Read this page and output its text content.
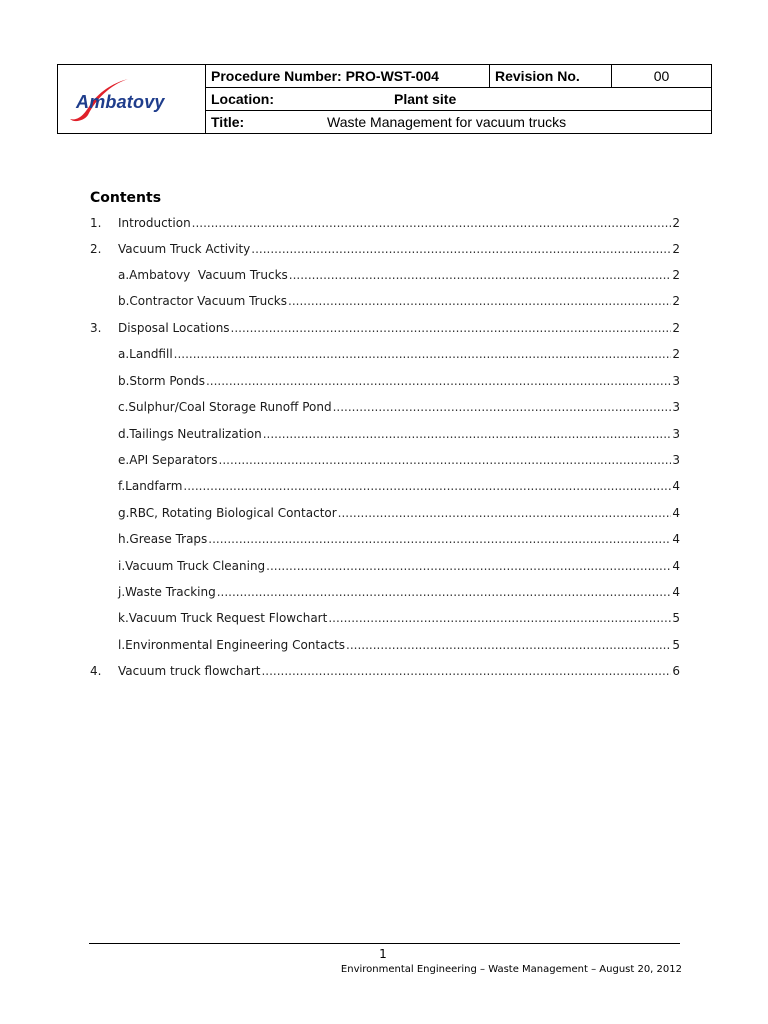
Ambatovy
	Procedure Number: PRO-WST-004	Revision No.	00
Location:	Plant site

Title:	Waste Management for vacuum trucks
Contents
1.	Introduction .....	2
2.	Vacuum Truck Activity .....	2
a.Ambatovy  Vacuum Trucks .....	2
b.Contractor Vacuum Trucks .....	2
3.	Disposal Locations .....	2
a.Landfill .....	2
b.Storm Ponds .....	3
c.Sulphur/Coal Storage Runoff Pond .....	3
d.Tailings Neutralization .....	3
e.API Separators .....	3
f.Landfarm .....	4
g.RBC, Rotating Biological Contactor .....	4
h.Grease Traps .....	4
i.Vacuum Truck Cleaning .....	4
j.Waste Tracking .....	4
k.Vacuum Truck Request Flowchart .....	5
l.Environmental Engineering Contacts .....	5
4.	Vacuum truck flowchart .....	6
1
Environmental Engineering – Waste Management – August 20, 2012
